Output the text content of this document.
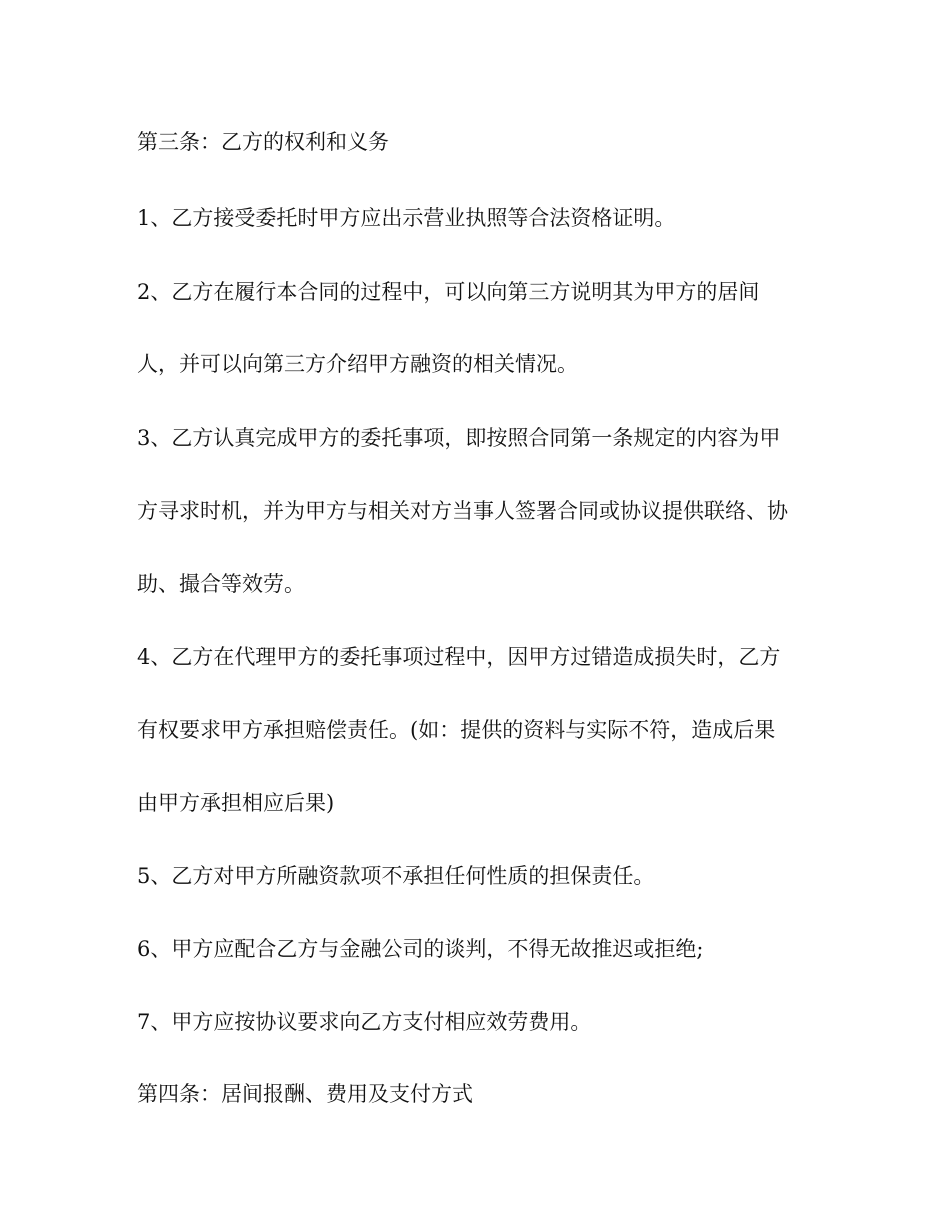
第三条：乙方的权利和义务

1、乙方接受委托时甲方应出示营业执照等合法资格证明。

2、乙方在履行本合同的过程中，可以向第三方说明其为甲方的居间

人，并可以向第三方介绍甲方融资的相关情况。

3、乙方认真完成甲方的委托事项，即按照合同第一条规定的内容为甲

方寻求时机，并为甲方与相关对方当事人签署合同或协议提供联络、协

助、撮合等效劳。

4、乙方在代理甲方的委托事项过程中，因甲方过错造成损失时，乙方

有权要求甲方承担赔偿责任。(如：提供的资料与实际不符，造成后果

由甲方承担相应后果)

5、乙方对甲方所融资款项不承担任何性质的担保责任。

6、甲方应配合乙方与金融公司的谈判，不得无故推迟或拒绝;

7、甲方应按协议要求向乙方支付相应效劳费用。

第四条：居间报酬、费用及支付方式
